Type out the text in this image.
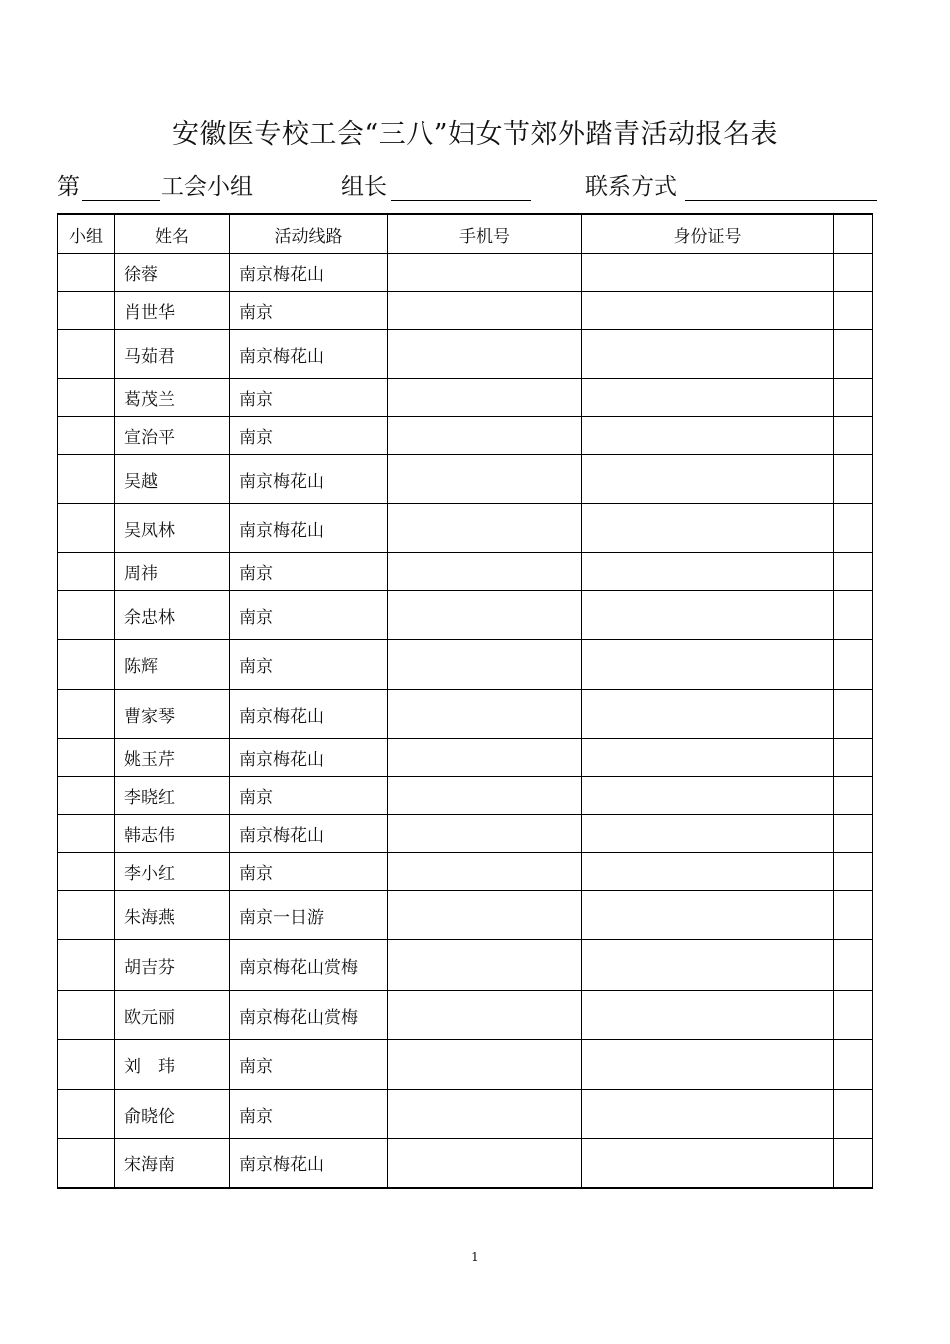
安徽医专校工会“三八”妇女节郊外踏青活动报名表
第	工会小组	组长	联系方式
小组	姓名	活动线路	手机号	身份证号	
	徐蓉	南京梅花山			
	肖世华	南京			
	马茹君	南京梅花山			
	葛茂兰	南京			
	宣治平	南京			
	吴越	南京梅花山			
	吴凤林	南京梅花山			
	周祎	南京			
	余忠林	南京			
	陈辉	南京			
	曹家琴	南京梅花山			
	姚玉芹	南京梅花山			
	李晓红	南京			
	韩志伟	南京梅花山			
	李小红	南京			
	朱海燕	南京一日游			
	胡吉芬	南京梅花山赏梅			
	欧元丽	南京梅花山赏梅			
	刘　玮	南京			
	俞晓伦	南京			
	宋海南	南京梅花山			
1
